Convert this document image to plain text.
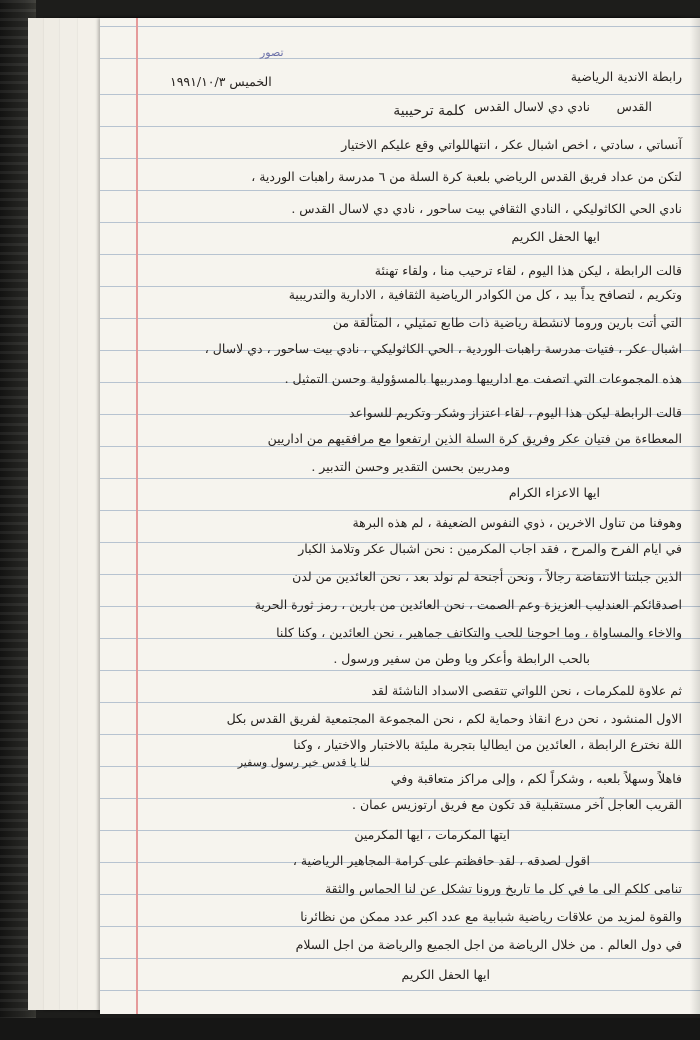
تصور
رابطة الاندية الرياضية
الخميس ١٩٩١/١٠/٣
نادي دي لاسال القدس القدس
كلمة ترحيبية
آنساتي ، سادتي ، اخص اشبال عكر ، انتهاللواتي وقع عليكم الاختيار
لتكن من عداد فريق القدس الرياضي بلعبة كرة السلة من ٦ مدرسة راهبات الوردية ،
نادي الحي الكاثوليكي ، النادي الثقافي بيت ساحور ، نادي دي لاسال القدس .
ايها الحفل الكريم
قالت الرابطة ، ليكن هذا اليوم ، لقاء ترحيب منا ، ولقاء تهنئة
وتكريم ، لتصافح يداً بيد ، كل من الكوادر الرياضية الثقافية ، الادارية والتدريبية
التي أتت بارين وروما لانشطة رياضية ذات طابع تمثيلي ، المتألقة من
اشبال عكر ، فتيات مدرسة راهبات الوردية ، الحي الكاثوليكي ، نادي بيت ساحور ، دي لاسال ،
هذه المجموعات التي اتصفت مع ادارييها ومدربيها بالمسؤولية وحسن التمثيل .
قالت الرابطة ليكن هذا اليوم ، لقاء اعتزاز وشكر وتكريم للسواعد
المعطاءة من فتيان عكر وفريق كرة السلة الذين ارتفعوا مع مرافقيهم من اداريين
ومدربين بحسن التقدير وحسن التدبير .
ايها الاعزاء الكرام
وهوفنا من تناول الاخرين ، ذوي النفوس الضعيفة ، لم هذه البرهة
في ايام الفرح والمرح ، فقد اجاب المكرمين : نحن اشبال عكر وتلامذ الكبار
الذين جبلتنا الانتفاضة رجالاً ، ونحن أجنحة لم نولد بعد ، نحن العائدين من لدن
اصدقائكم العندليب العزيزة وعم الصمت ، نحن العائدين من بارين ، رمز ثورة الحرية
والاخاء والمساواة ، وما احوجنا للحب والتكاتف جماهير ، نحن العائدين ، وكنا كلنا
بالحب الرابطة وأعكر ويا وطن من سفير ورسول .
ثم علاوة للمكرمات ، نحن اللواتي تتقصى الاسداد الناشئة لقد
الاول المنشود ، نحن درع انقاذ وحماية لكم ، نحن المجموعة المجتمعية لفريق القدس بكل
اللة نخترع الرابطة ، العائدين من ايطاليا بتجربة مليئة بالاختبار والاختيار ، وكنا
لنا يا قدس خير رسول وسفير
فاهلاً وسهلاً بلعبه ، وشكراً لكم ، وإلى مراكز متعاقبة وفي
القريب العاجل آخر مستقبلية قد تكون مع فريق ارتوزيس عمان .
ايتها المكرمات ، ايها المكرمين
اقول لصدقه ، لقد حافظتم على كرامة المجاهير الرياضية ،
تنامى كلكم الى ما في كل ما تاريخ ورونا تشكل عن لنا الحماس والثقة
والقوة لمزيد من علاقات رياضية شبابية مع عدد اكبر عدد ممكن من نظائرنا
في دول العالم . من خلال الرياضة من اجل الجميع والرياضة من اجل السلام
ايها الحفل الكريم
